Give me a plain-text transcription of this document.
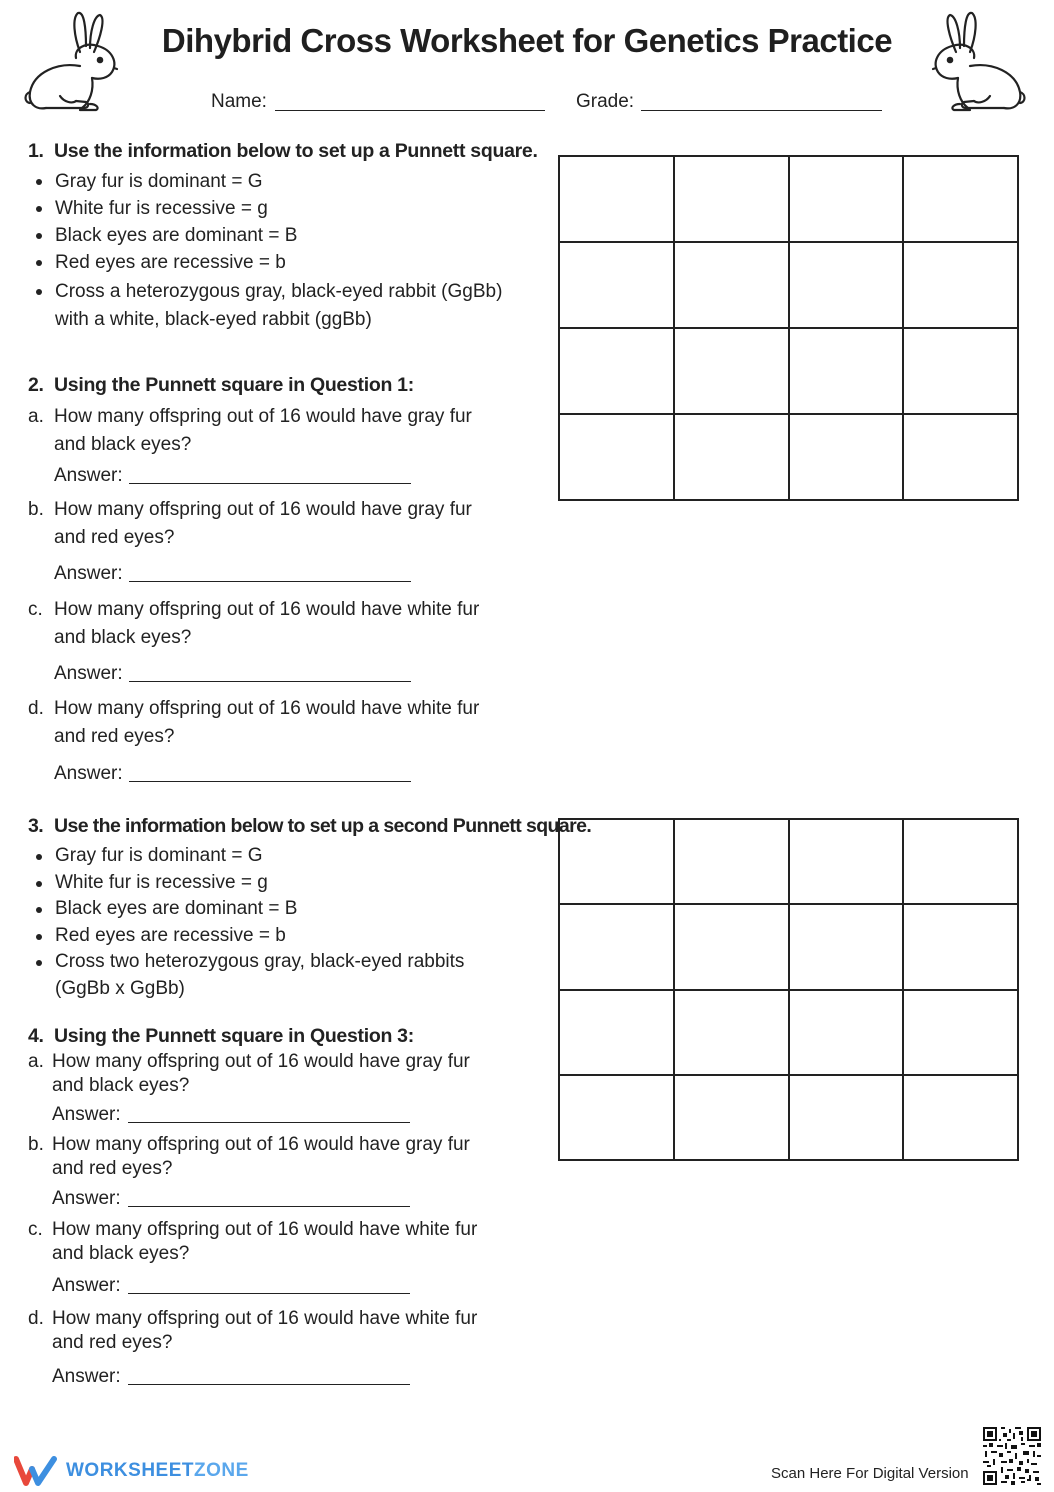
Dihybrid Cross Worksheet for Genetics Practice
Name:	Grade:
1. Use the information below to set up a Punnett square.
Gray fur is dominant = G
White fur is recessive = g
Black eyes are dominant = B
Red eyes are recessive = b
Cross a heterozygous gray, black-eyed rabbit (GgBb) with a white, black-eyed rabbit (ggBb)

2. Using the Punnett square in Question 1:
a. How many offspring out of 16 would have gray fur and black eyes?
Answer:
b. How many offspring out of 16 would have gray fur and red eyes?
Answer:
c. How many offspring out of 16 would have white fur and black eyes?
Answer:
d. How many offspring out of 16 would have white fur and red eyes?
Answer:
3. Use the information below to set up a second Punnett square.
Gray fur is dominant = G
White fur is recessive = g
Black eyes are dominant = B
Red eyes are recessive = b
Cross two heterozygous gray, black-eyed rabbits (GgBb x GgBb)

4. Using the Punnett square in Question 3:
a. How many offspring out of 16 would have gray fur and black eyes?
Answer:
b. How many offspring out of 16 would have gray fur and red eyes?
Answer:
c. How many offspring out of 16 would have white fur and black eyes?
Answer:
d. How many offspring out of 16 would have white fur and red eyes?
Answer:
WORKSHEETZONE	Scan Here For Digital Version
